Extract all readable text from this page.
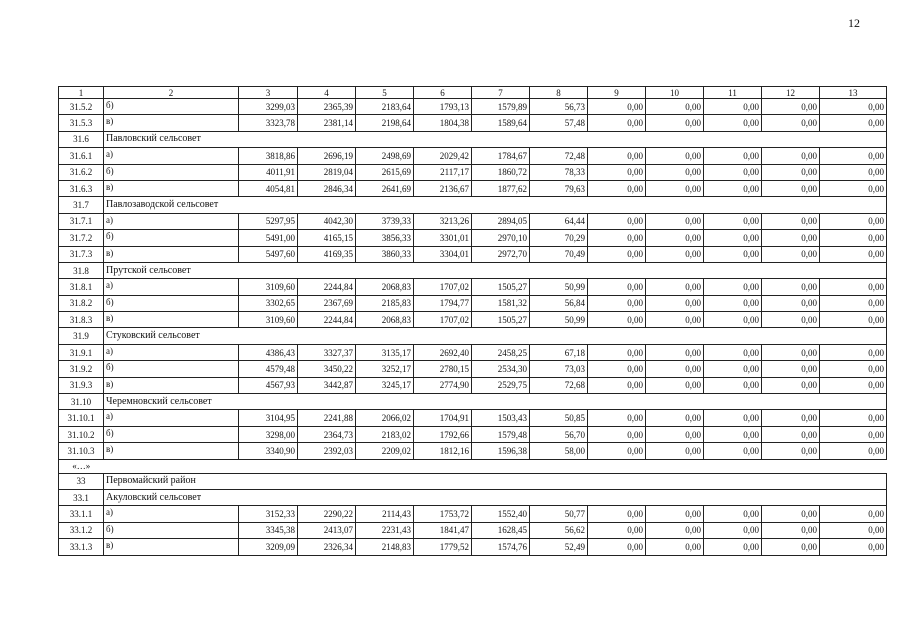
12
1	2	3	4	5	6	7	8	9	10	11	12	13
31.5.2	б)	3299,03	2365,39	2183,64	1793,13	1579,89	56,73	0,00	0,00	0,00	0,00	0,00
31.5.3	в)	3323,78	2381,14	2198,64	1804,38	1589,64	57,48	0,00	0,00	0,00	0,00	0,00
31.6	Павловский сельсовет											
31.6.1	а)	3818,86	2696,19	2498,69	2029,42	1784,67	72,48	0,00	0,00	0,00	0,00	0,00
31.6.2	б)	4011,91	2819,04	2615,69	2117,17	1860,72	78,33	0,00	0,00	0,00	0,00	0,00
31.6.3	в)	4054,81	2846,34	2641,69	2136,67	1877,62	79,63	0,00	0,00	0,00	0,00	0,00
31.7	Павлозаводской сельсовет											
31.7.1	а)	5297,95	4042,30	3739,33	3213,26	2894,05	64,44	0,00	0,00	0,00	0,00	0,00
31.7.2	б)	5491,00	4165,15	3856,33	3301,01	2970,10	70,29	0,00	0,00	0,00	0,00	0,00
31.7.3	в)	5497,60	4169,35	3860,33	3304,01	2972,70	70,49	0,00	0,00	0,00	0,00	0,00
31.8	Прутской сельсовет											
31.8.1	а)	3109,60	2244,84	2068,83	1707,02	1505,27	50,99	0,00	0,00	0,00	0,00	0,00
31.8.2	б)	3302,65	2367,69	2185,83	1794,77	1581,32	56,84	0,00	0,00	0,00	0,00	0,00
31.8.3	в)	3109,60	2244,84	2068,83	1707,02	1505,27	50,99	0,00	0,00	0,00	0,00	0,00
31.9	Стуковский сельсовет											
31.9.1	а)	4386,43	3327,37	3135,17	2692,40	2458,25	67,18	0,00	0,00	0,00	0,00	0,00
31.9.2	б)	4579,48	3450,22	3252,17	2780,15	2534,30	73,03	0,00	0,00	0,00	0,00	0,00
31.9.3	в)	4567,93	3442,87	3245,17	2774,90	2529,75	72,68	0,00	0,00	0,00	0,00	0,00
31.10	Черемновский сельсовет											
31.10.1	а)	3104,95	2241,88	2066,02	1704,91	1503,43	50,85	0,00	0,00	0,00	0,00	0,00
31.10.2	б)	3298,00	2364,73	2183,02	1792,66	1579,48	56,70	0,00	0,00	0,00	0,00	0,00
31.10.3	в)	3340,90	2392,03	2209,02	1812,16	1596,38	58,00	0,00	0,00	0,00	0,00	0,00
«…»												
33	Первомайский район											
33.1	Акуловский сельсовет											
33.1.1	а)	3152,33	2290,22	2114,43	1753,72	1552,40	50,77	0,00	0,00	0,00	0,00	0,00
33.1.2	б)	3345,38	2413,07	2231,43	1841,47	1628,45	56,62	0,00	0,00	0,00	0,00	0,00
33.1.3	в)	3209,09	2326,34	2148,83	1779,52	1574,76	52,49	0,00	0,00	0,00	0,00	0,00
